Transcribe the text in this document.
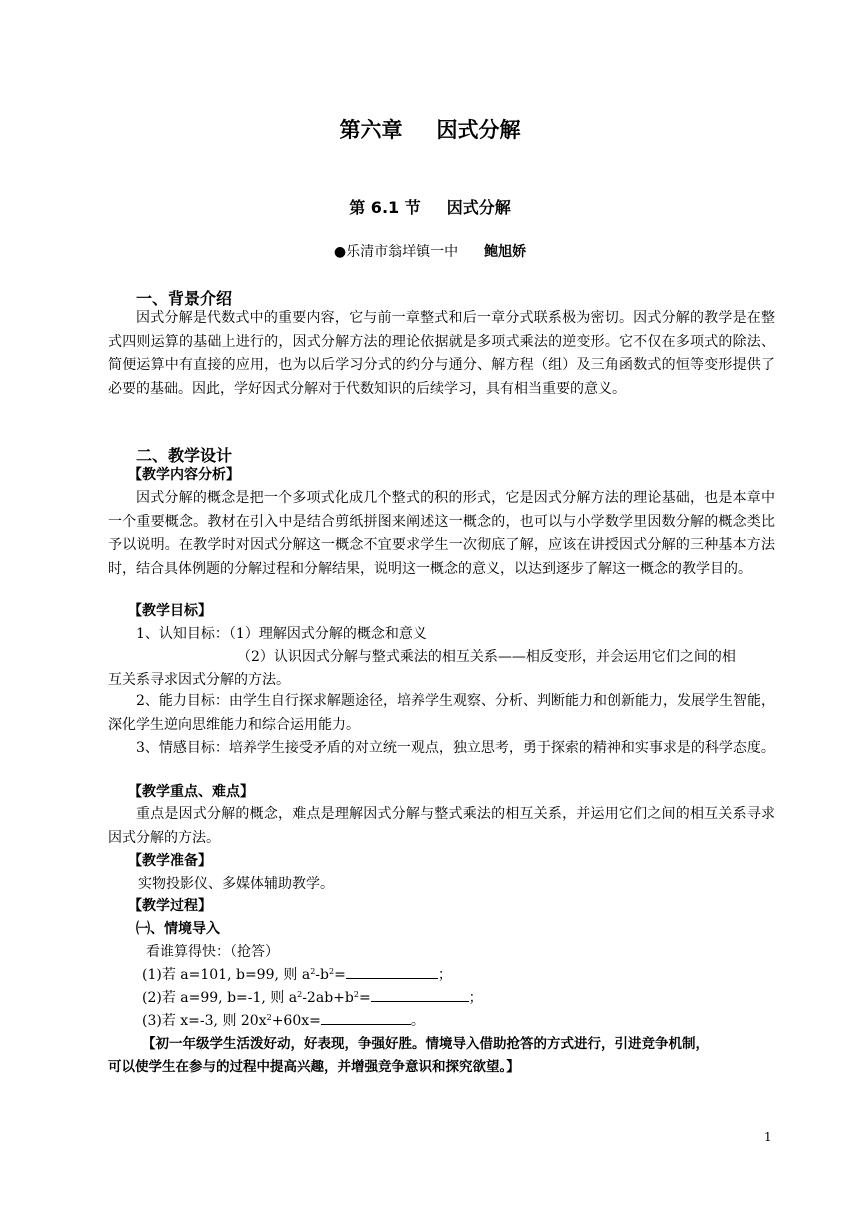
第六章 因式分解
第 6.1 节 因式分解
●乐清市翁垟镇一中 鲍旭娇
一、背景介绍
因式分解是代数式中的重要内容，它与前一章整式和后一章分式联系极为密切。因式分解的教学是在整式四则运算的基础上进行的，因式分解方法的理论依据就是多项式乘法的逆变形。它不仅在多项式的除法、简便运算中有直接的应用，也为以后学习分式的约分与通分、解方程（组）及三角函数式的恒等变形提供了必要的基础。因此，学好因式分解对于代数知识的后续学习，具有相当重要的意义。
二、教学设计
【教学内容分析】
因式分解的概念是把一个多项式化成几个整式的积的形式，它是因式分解方法的理论基础，也是本章中一个重要概念。教材在引入中是结合剪纸拼图来阐述这一概念的，也可以与小学数学里因数分解的概念类比予以说明。在教学时对因式分解这一概念不宜要求学生一次彻底了解，应该在讲授因式分解的三种基本方法时，结合具体例题的分解过程和分解结果，说明这一概念的意义，以达到逐步了解这一概念的教学目的。
【教学目标】
1、认知目标：（1）理解因式分解的概念和意义
（2）认识因式分解与整式乘法的相互关系——相反变形，并会运用它们之间的相
互关系寻求因式分解的方法。
2、能力目标：由学生自行探求解题途径，培养学生观察、分析、判断能力和创新能力，发展学生智能，深化学生逆向思维能力和综合运用能力。
3、情感目标：培养学生接受矛盾的对立统一观点，独立思考，勇于探索的精神和实事求是的科学态度。
【教学重点、难点】
重点是因式分解的概念，难点是理解因式分解与整式乘法的相互关系，并运用它们之间的相互关系寻求因式分解的方法。
【教学准备】
实物投影仪、多媒体辅助教学。
【教学过程】
㈠、情境导入
看谁算得快：（抢答）
(1)若 a=101, b=99, 则 $a^2-b^2=$	；
(2)若 a=99, b=-1, 则 $a^2-2ab+b^2=$	；
(3)若 x=-3, 则 $20x^2+60x=$	。
【初一年级学生活泼好动，好表现，争强好胜。情境导入借助抢答的方式进行，引进竞争机制，
可以使学生在参与的过程中提高兴趣，并增强竞争意识和探究欲望。】
1
